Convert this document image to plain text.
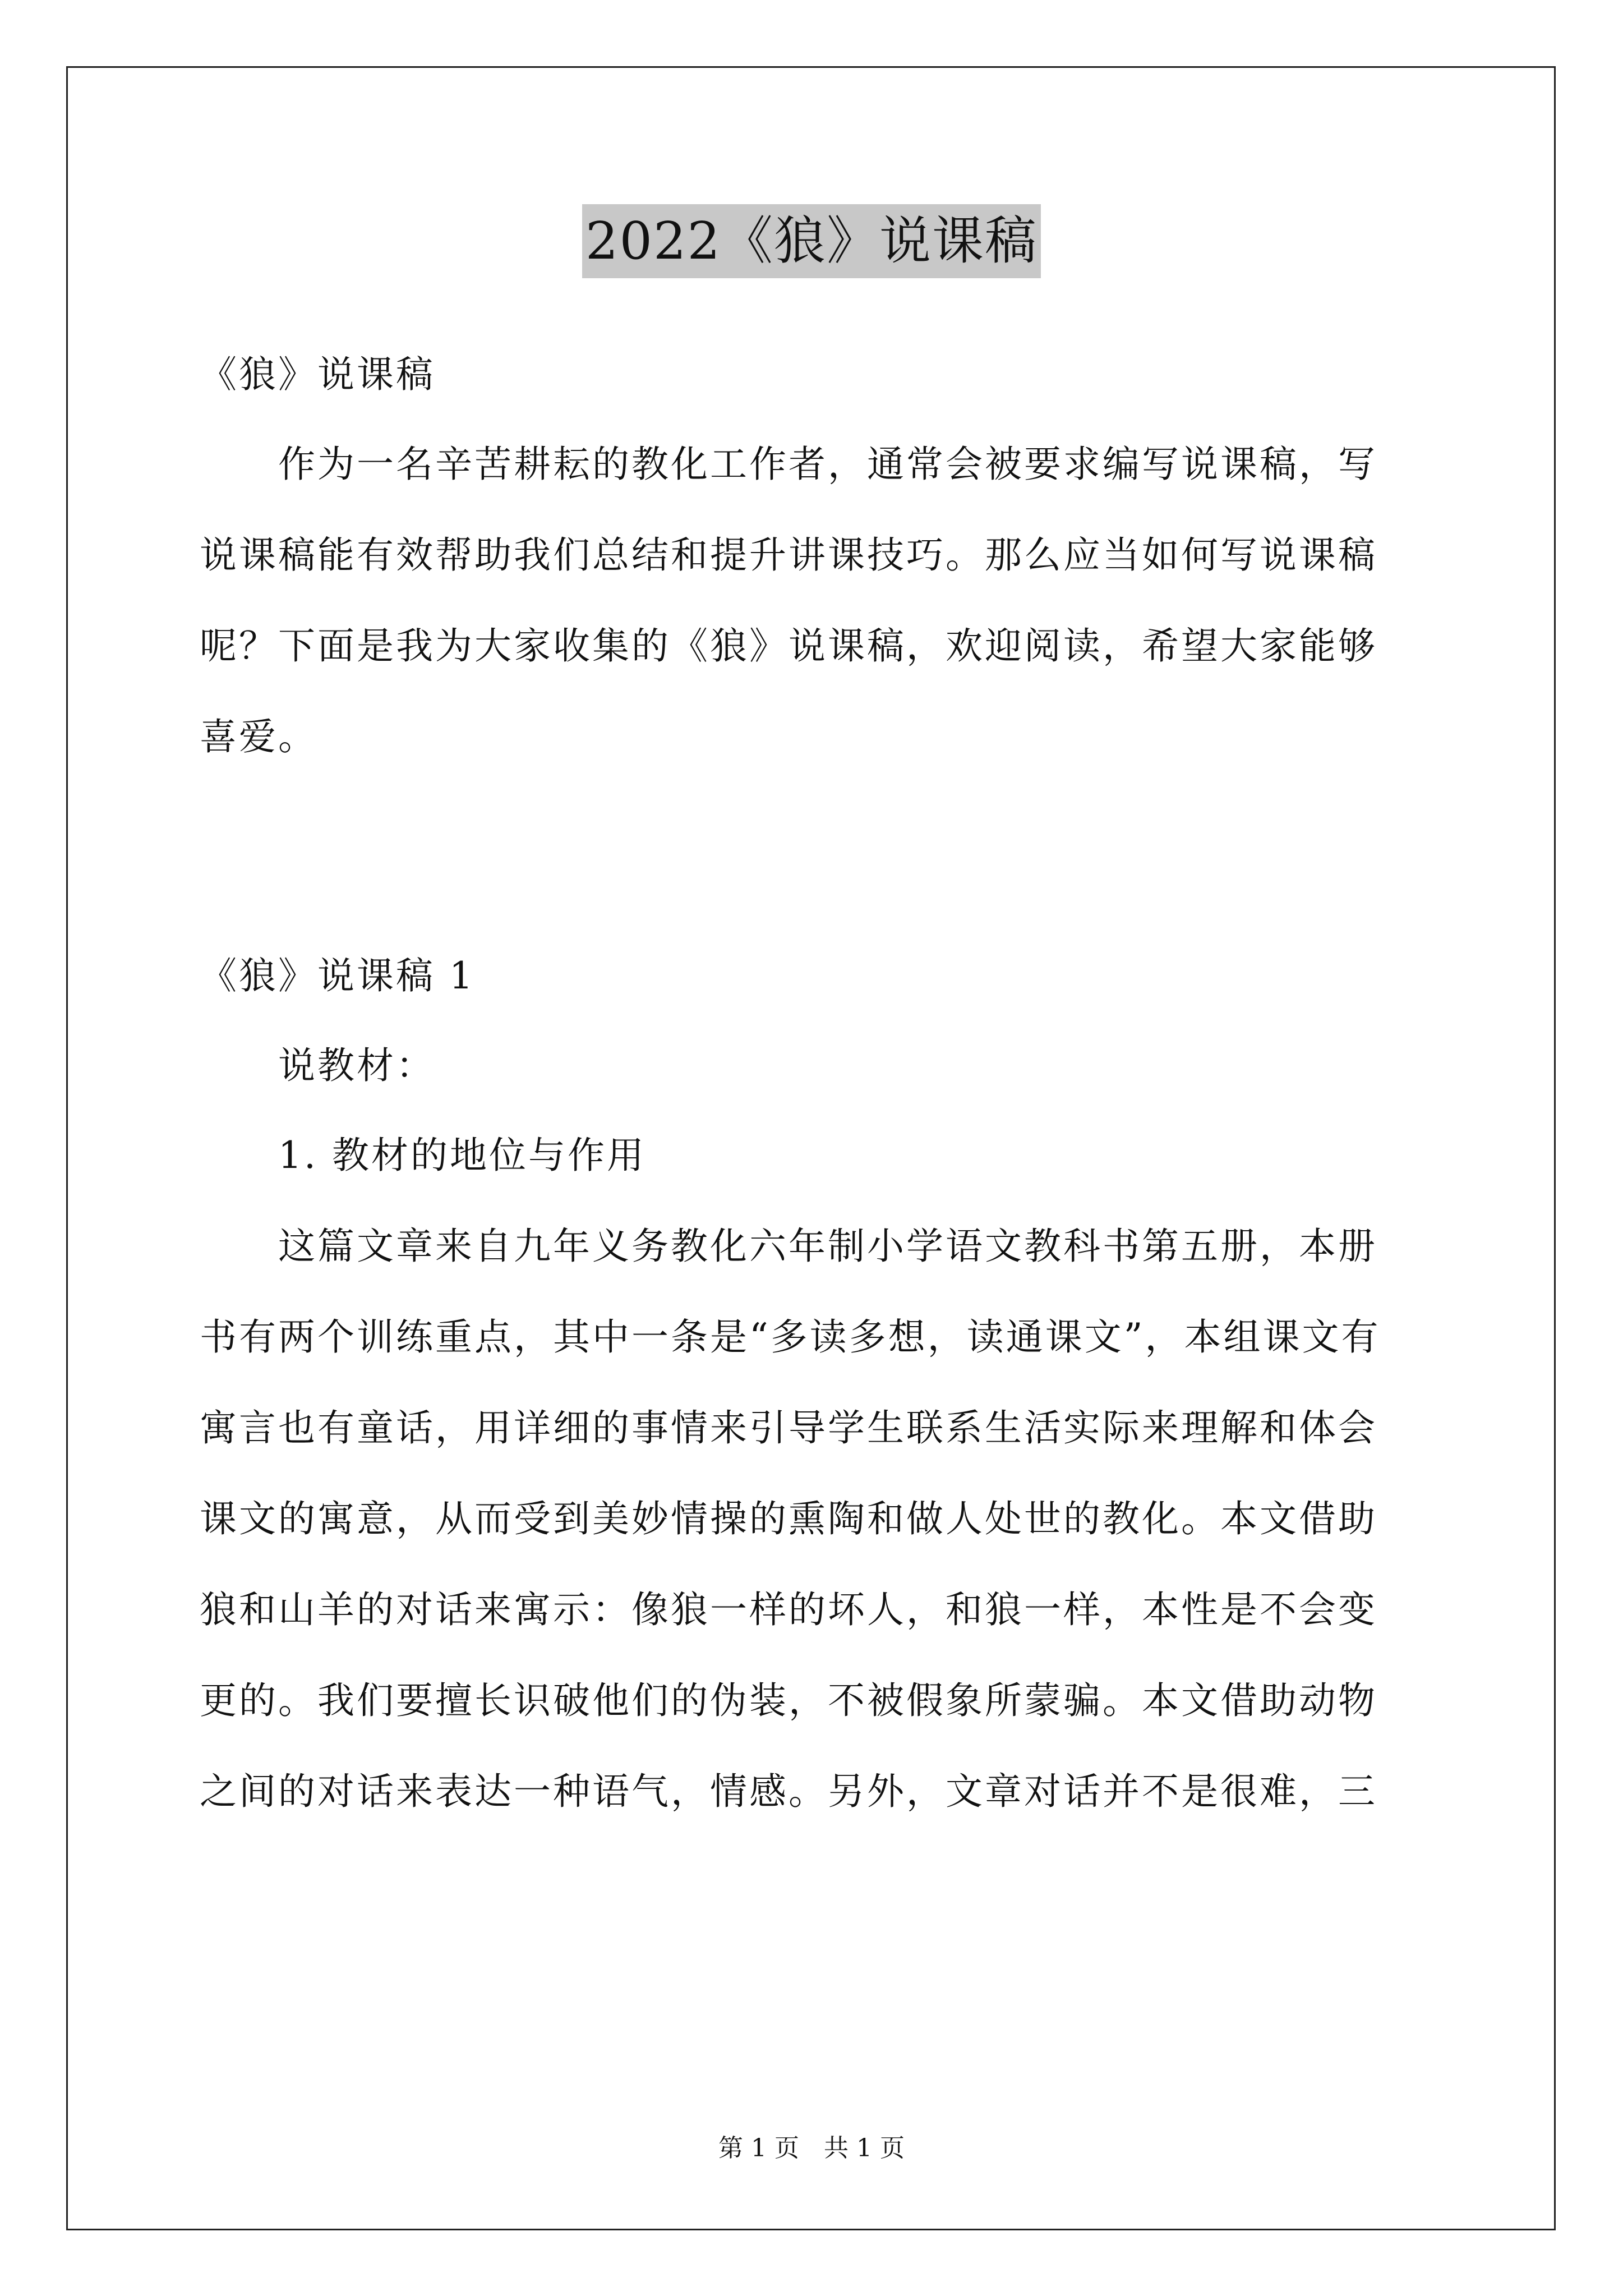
2022《狼》说课稿
《狼》说课稿
作为一名辛苦耕耘的教化工作者，通常会被要求编写说课稿，写
说课稿能有效帮助我们总结和提升讲课技巧。那么应当如何写说课稿
呢？下面是我为大家收集的《狼》说课稿，欢迎阅读，希望大家能够
喜爱。
《狼》说课稿 1
说教材：
1. 教材的地位与作用
这篇文章来自九年义务教化六年制小学语文教科书第五册，本册
书有两个训练重点，其中一条是“多读多想，读通课文”，本组课文有
寓言也有童话，用详细的事情来引导学生联系生活实际来理解和体会
课文的寓意，从而受到美妙情操的熏陶和做人处世的教化。本文借助
狼和山羊的对话来寓示：像狼一样的坏人，和狼一样，本性是不会变
更的。我们要擅长识破他们的伪装，不被假象所蒙骗。本文借助动物
之间的对话来表达一种语气，情感。另外，文章对话并不是很难，三
第 1 页　共 1 页
